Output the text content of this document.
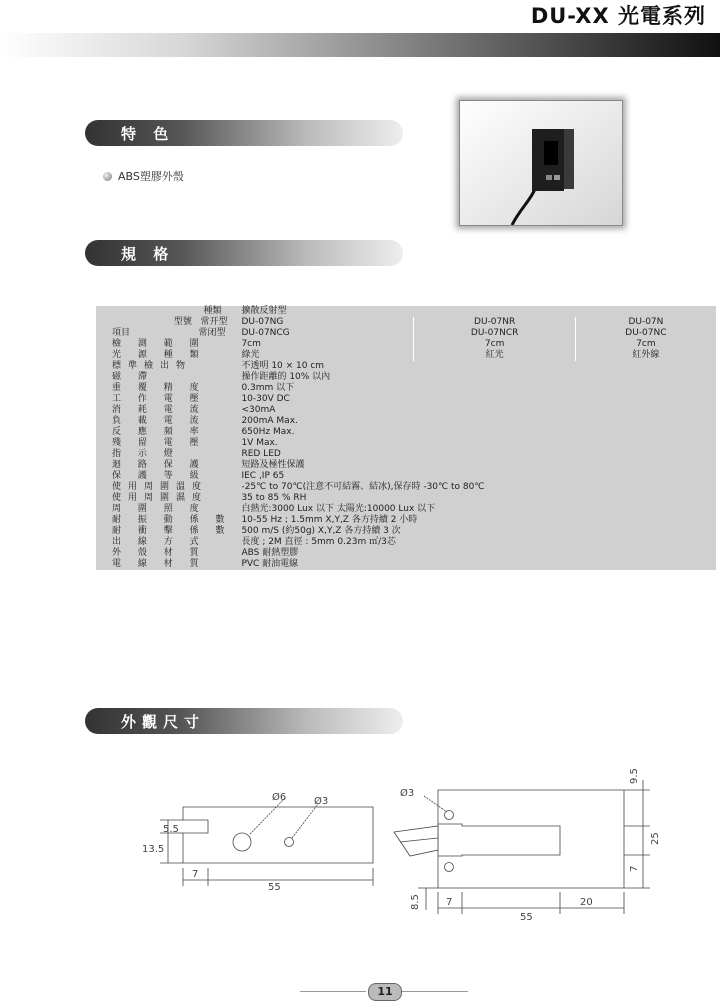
DU-XX 光電系列
特 色
ABS塑膠外殼
規 格
種類	擴散反射型		
型號 常开型	DU-07NG	DU-07NR	DU-07N
項目 常闭型	DU-07NCG	DU-07NCR	DU-07NC
檢 測 範 圍	7cm	7cm	7cm
光 源 種 類	綠光	紅光	紅外線
標準檢出物	不透明 10 × 10 cm		
磁 滯	操作距離的 10% 以內		
重 覆 精 度	0.3mm 以下		
工 作 電 壓	10-30V DC		
消 耗 電 流	<30mA		
負 載 電 流	200mA Max.		
反 應 頻 率	650Hz Max.		
殘 留 電 壓	1V Max.		
指 示 燈	RED LED		
迴 路 保 護	短路及極性保護		
保 護 等 級	IEC ,IP 65		
使用周圍溫度	-25℃ to 70℃(注意不可結霧、結冰),保存時 -30℃ to 80℃		
使用周圍濕度	35 to 85 % RH		
周 圍 照 度	白熱光:3000 Lux 以下 太陽光:10000 Lux 以下		
耐 振 動 係 數	10-55 Hz ; 1.5mm X,Y,Z 各方持續 2 小時		
耐 衝 擊 係 數	500 m/S (約50g) X,Y,Z 各方持續 3 次		
出 線 方 式	長度 ; 2M 直徑 : 5mm 0.23m ㎡/3芯		
外 殼 材 質	ABS 耐熱塑膠		
電 線 材 質	PVC 耐油電線		
外觀尺寸
Ø6	Ø3
5.5
13.5
7
55
Ø3
9.5
25
7
8.5	7	20
55
11
